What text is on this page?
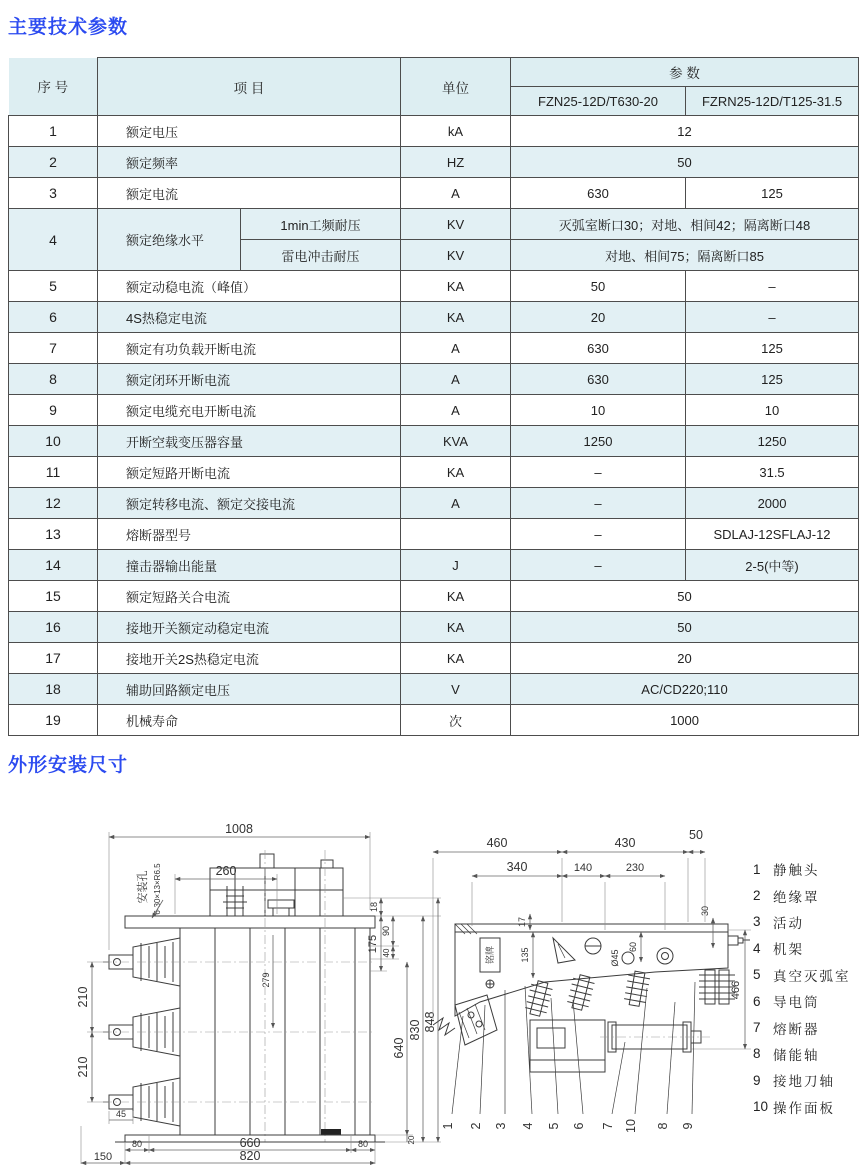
主要技术参数
序 号	项 目		单位	参 数	
				FZN25-12D/T630-20	FZRN25-12D/T125-31.5
1	额定电压		kA	12	
2	额定频率		HZ	50	
3	额定电流		A	630	125
4	额定绝缘水平	1min工频耐压	KV	灭弧室断口30；对地、相间42；隔离断口48	
		雷电冲击耐压	KV	对地、相间75；隔离断口85	
5	额定动稳电流（峰值）		KA	50	–
6	4S热稳定电流		KA	20	–
7	额定有功负载开断电流		A	630	125
8	额定闭环开断电流		A	630	125
9	额定电缆充电开断电流		A	10	10
10	开断空载变压器容量		KVA	1250	1250
11	额定短路开断电流		KA	–	31.5
12	额定转移电流、额定交接电流		A	–	2000
13	熔断器型号			–	SDLAJ-12SFLAJ-12
14	撞击器输出能量		J	–	2-5(中等)
15	额定短路关合电流		KA	50	
16	接地开关额定动稳定电流		KA	50	
17	接地开关2S热稳定电流		KA	20	
18	辅助回路额定电压		V	AC/CD220;110	
19	机械寿命		次	1000	
外形安装尺寸
1008
260
安装孔 6-30×13×R6.5
279
18
175
90
40
640
20
830 848
210
210
45
80	660	80
150	820
铭牌
460	430
50
340	140	230
17
135
60
Ø45
30
466
1 2 3 4 5 6 7 10 8 9
1 静触头
2 绝缘罩
3 活动
4 机架
5 真空灭弧室
6 导电筒
7 熔断器
8 储能轴
9 接地刀轴
10 操作面板
